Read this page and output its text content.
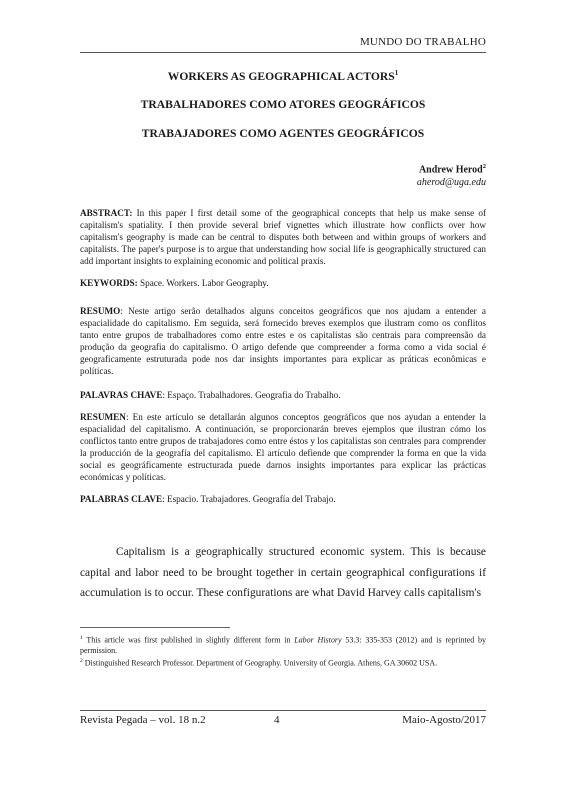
MUNDO DO TRABALHO
WORKERS AS GEOGRAPHICAL ACTORS$^1$
TRABALHADORES COMO ATORES GEOGRÁFICOS
TRABAJADORES COMO AGENTES GEOGRÁFICOS
Andrew Herod$^2$
aherod@uga.edu
ABSTRACT: In this paper I first detail some of the geographical concepts that help us make sense of capitalism's spatiality. I then provide several brief vignettes which illustrate how conflicts over how capitalism's geography is made can be central to disputes both between and within groups of workers and capitalists. The paper's purpose is to argue that understanding how social life is geographically structured can add important insights to explaining economic and political praxis.
KEYWORDS: Space. Workers. Labor Geography.
RESUMO: Neste artigo serão detalhados alguns conceitos geográficos que nos ajudam a entender a espacialidade do capitalismo. Em seguida, será fornecido breves exemplos que ilustram como os conflitos tanto entre grupos de trabalhadores como entre estes e os capitalistas são centrais para compreensão da produção da geografia do capitalismo. O artigo defende que compreender a forma como a vida social é geograficamente estruturada pode nos dar insights importantes para explicar as práticas econômicas e políticas.
PALAVRAS CHAVE: Espaço. Trabalhadores. Geografia do Trabalho.
RESUMEN: En este artículo se detallarán algunos conceptos geográficos que nos ayudan a entender la espacialidad del capitalismo. A continuación, se proporcionarán breves ejemplos que ilustran cómo los conflictos tanto entre grupos de trabajadores como entre éstos y los capitalistas son centrales para comprender la producción de la geografía del capitalismo. El artículo defiende que comprender la forma en que la vida social es geográficamente estructurada puede darnos insights importantes para explicar las prácticas económicas y políticas.
PALABRAS CLAVE: Espacio. Trabajadores. Geografía del Trabajo.
Capitalism is a geographically structured economic system. This is because capital and labor need to be brought together in certain geographical configurations if accumulation is to occur. These configurations are what David Harvey calls capitalism's

$^1$ This article was first published in slightly different form in Labor History 53.3: 335-353 (2012) and is reprinted by permission.

$^2$ Distinguished Research Professor. Department of Geography. University of Georgia. Athens, GA 30602 USA.

Revista Pegada – vol. 18 n.2	4	Maio-Agosto/2017
